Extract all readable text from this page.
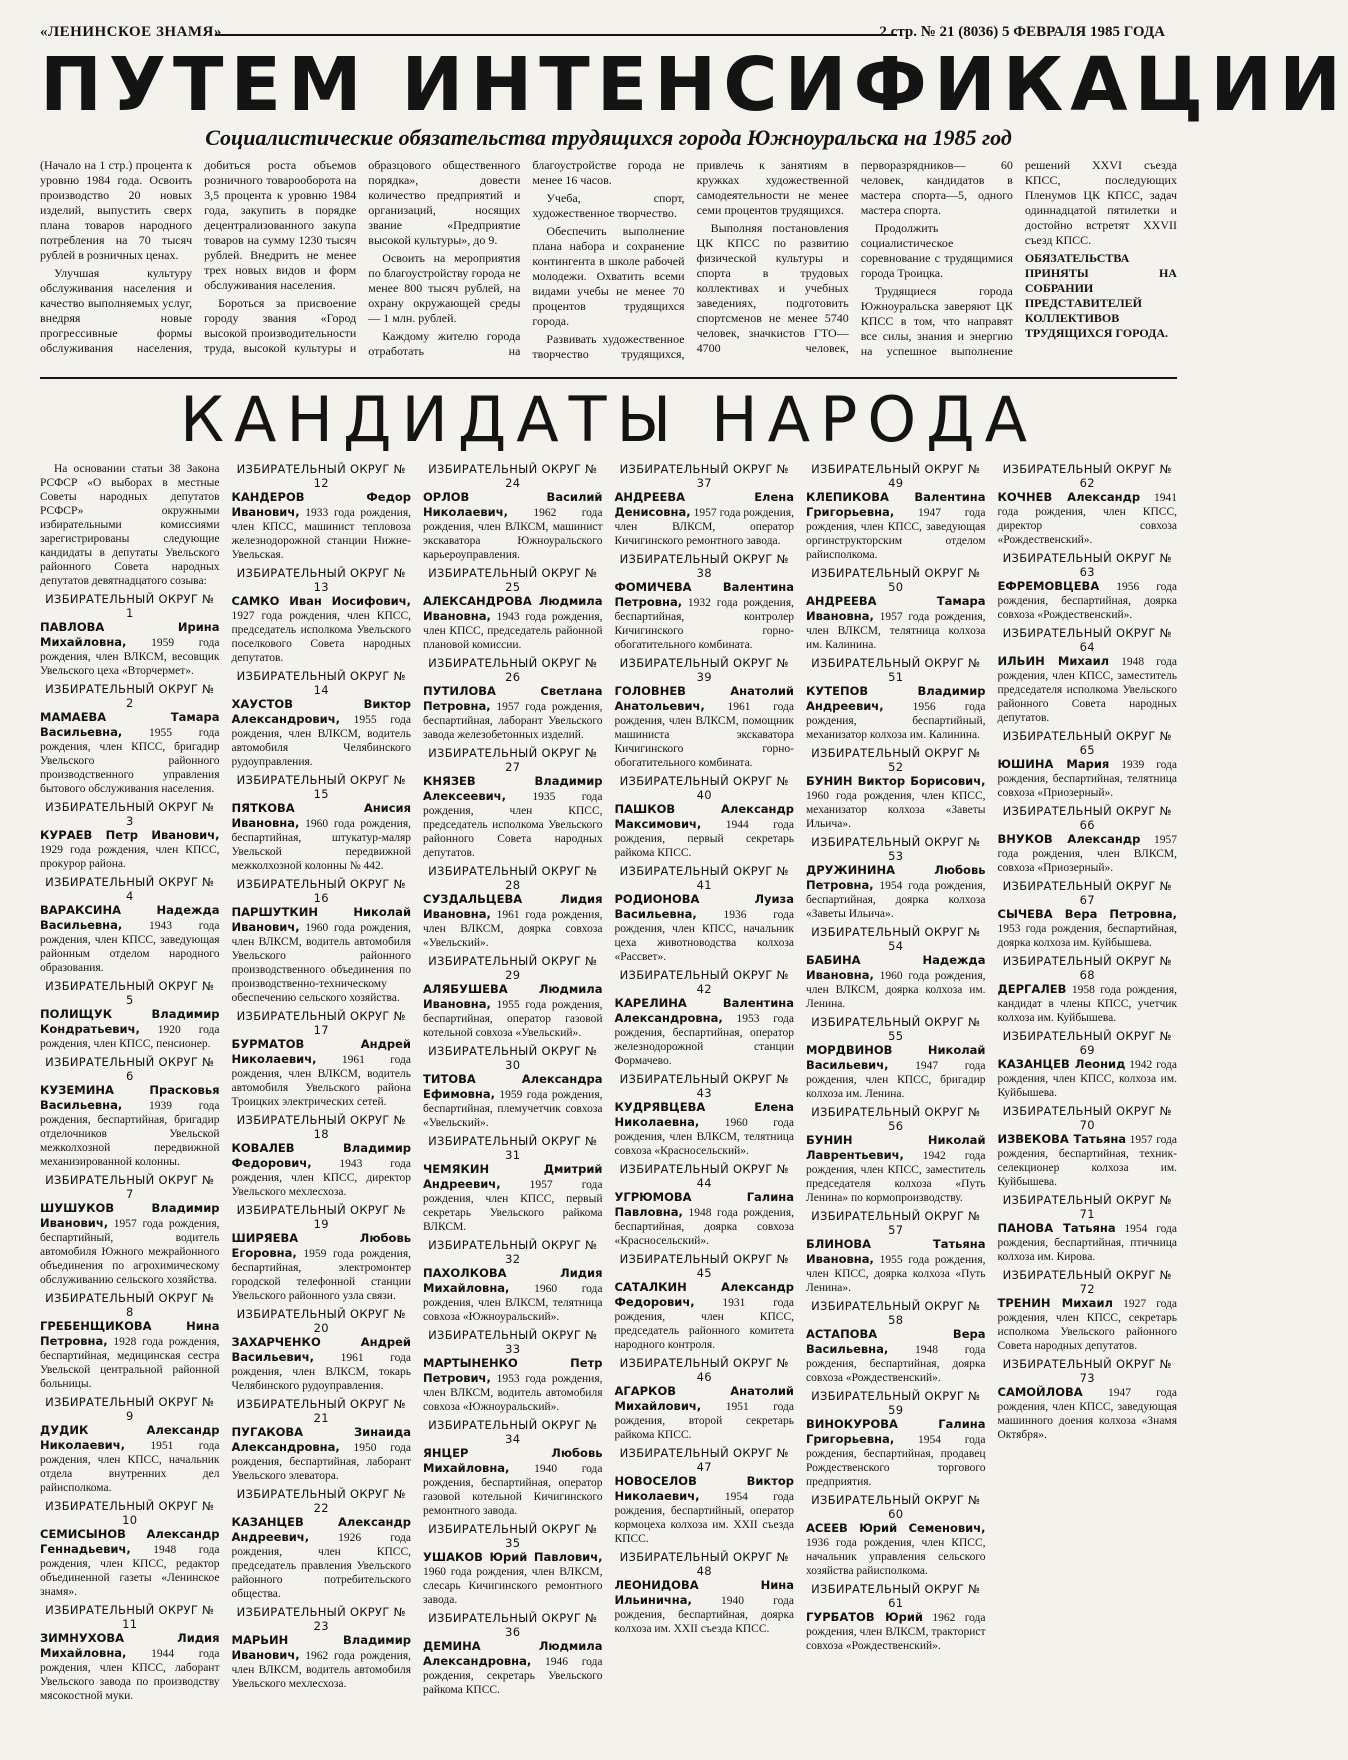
«ЛЕНИНСКОЕ ЗНАМЯ»	2 стр. № 21 (8036) 5 ФЕВРАЛЯ 1985 ГОДА
ПУТЕМ ИНТЕНСИФИКАЦИИ
Социалистические обязательства трудящихся города Южноуральска на 1985 год

(Начало на 1 стр.) процента к уровню 1984 года. Освоить производство 20 новых изделий, выпустить сверх плана товаров народного потребления на 70 тысяч рублей в розничных ценах.

Улучшая культуру обслуживания населения и качество выполняемых услуг, внедряя новые прогрессивные формы обслуживания населения, добиться роста объемов розничного товарооборота на 3,5 процента к уровню 1984 года, закупить в порядке децентрализованного закупа товаров на сумму 1230 тысяч рублей. Внедрить не менее трех новых видов и форм обслуживания населения.

Бороться за присвоение городу звания «Город высокой производительности труда, высокой культуры и образцового общественного порядка», довести количество предприятий и организаций, носящих звание «Предприятие высокой культуры», до 9.

Освоить на мероприятия по благоустройству города не менее 800 тысяч рублей, на охрану окружающей среды — 1 млн. рублей.

Каждому жителю города отработать на благоустройстве города не менее 16 часов.

Учеба, спорт, художественное творчество.

Обеспечить выполнение плана набора и сохранение контингента в школе рабочей молодежи. Охватить всеми видами учебы не менее 70 процентов трудящихся города.

Развивать художественное творчество трудящихся, привлечь к занятиям в кружках художественной самодеятельности не менее семи процентов трудящихся.

Выполняя постановления ЦК КПСС по развитию физической культуры и спорта в трудовых коллективах и учебных заведениях, подготовить спортсменов не менее 5740 человек, значкистов ГТО— 4700 человек, перворазрядников— 60 человек, кандидатов в мастера спорта—5, одного мастера спорта.

Продолжить социалистическое соревнование с трудящимися города Троицка.

Трудящиеся города Южноуральска заверяют ЦК КПСС в том, что направят все силы, знания и энергию на успешное выполнение решений XXVI съезда КПСС, последующих Пленумов ЦК КПСС, задач одиннадцатой пятилетки и достойно встретят XXVII съезд КПСС.

ОБЯЗАТЕЛЬСТВА ПРИНЯТЫ НА СОБРАНИИ ПРЕДСТАВИТЕЛЕЙ КОЛЛЕКТИВОВ ТРУДЯЩИХСЯ ГОРОДА.

КАНДИДАТЫ НАРОДА

На основании статьи 38 Закона РСФСР «О выборах в местные Советы народных депутатов РСФСР» окружными избирательными комиссиями зарегистрированы следующие кандидаты в депутаты Увельского районного Совета народных депутатов девятнадцатого созыва:

ИЗБИРАТЕЛЬНЫЙ ОКРУГ № 1
ПАВЛОВА Ирина Михайловна, 1959 года рождения, член ВЛКСМ, весовщик Увельского цеха «Вторчермет».
ИЗБИРАТЕЛЬНЫЙ ОКРУГ № 2
МАМАЕВА Тамара Васильевна, 1955 года рождения, член КПСС, бригадир Увельского районного производственного управления бытового обслуживания населения.
ИЗБИРАТЕЛЬНЫЙ ОКРУГ № 3
КУРАЕВ Петр Иванович, 1929 года рождения, член КПСС, прокурор района.
ИЗБИРАТЕЛЬНЫЙ ОКРУГ № 4
ВАРАКСИНА Надежда Васильевна, 1943 года рождения, член КПСС, заведующая районным отделом народного образования.
ИЗБИРАТЕЛЬНЫЙ ОКРУГ № 5
ПОЛИЩУК Владимир Кондратьевич, 1920 года рождения, член КПСС, пенсионер.
ИЗБИРАТЕЛЬНЫЙ ОКРУГ № 6
КУЗЕМИНА Прасковья Васильевна, 1939 года рождения, беспартийная, бригадир отделочников Увельской межколхозной передвижной механизированной колонны.
ИЗБИРАТЕЛЬНЫЙ ОКРУГ № 7
ШУШУКОВ Владимир Иванович, 1957 года рождения, беспартийный, водитель автомобиля Южного межрайонного объединения по агрохимическому обслуживанию сельского хозяйства.
ИЗБИРАТЕЛЬНЫЙ ОКРУГ № 8
ГРЕБЕНЩИКОВА Нина Петровна, 1928 года рождения, беспартийная, медицинская сестра Увельской центральной районной больницы.
ИЗБИРАТЕЛЬНЫЙ ОКРУГ № 9
ДУДИК Александр Николаевич, 1951 года рождения, член КПСС, начальник отдела внутренних дел райисполкома.
ИЗБИРАТЕЛЬНЫЙ ОКРУГ № 10
СЕМИСЫНОВ Александр Геннадьевич, 1948 года рождения, член КПСС, редактор объединенной газеты «Ленинское знамя».
ИЗБИРАТЕЛЬНЫЙ ОКРУГ № 11
ЗИМНУХОВА Лидия Михайловна, 1944 года рождения, член КПСС, лаборант Увельского завода по производству мясокостной муки.
ИЗБИРАТЕЛЬНЫЙ ОКРУГ № 12
КАНДЕРОВ Федор Иванович, 1933 года рождения, член КПСС, машинист тепловоза железнодорожной станции Нижне-Увельская.
ИЗБИРАТЕЛЬНЫЙ ОКРУГ № 13
САМКО Иван Иосифович, 1927 года рождения, член КПСС, председатель исполкома Увельского поселкового Совета народных депутатов.
ИЗБИРАТЕЛЬНЫЙ ОКРУГ № 14
ХАУСТОВ Виктор Александрович, 1955 года рождения, член ВЛКСМ, водитель автомобиля Челябинского рудоуправления.
ИЗБИРАТЕЛЬНЫЙ ОКРУГ № 15
ПЯТКОВА Анисия Ивановна, 1960 года рождения, беспартийная, штукатур-маляр Увельской передвижной межколхозной колонны № 442.
ИЗБИРАТЕЛЬНЫЙ ОКРУГ № 16
ПАРШУТКИН Николай Иванович, 1960 года рождения, член ВЛКСМ, водитель автомобиля Увельского районного производственного объединения по производственно-техническому обеспечению сельского хозяйства.
ИЗБИРАТЕЛЬНЫЙ ОКРУГ № 17
БУРМАТОВ Андрей Николаевич, 1961 года рождения, член ВЛКСМ, водитель автомобиля Увельского района Троицких электрических сетей.
ИЗБИРАТЕЛЬНЫЙ ОКРУГ № 18
КОВАЛЕВ Владимир Федорович, 1943 года рождения, член КПСС, директор Увельского мехлесхоза.
ИЗБИРАТЕЛЬНЫЙ ОКРУГ № 19
ШИРЯЕВА Любовь Егоровна, 1959 года рождения, беспартийная, электромонтер городской телефонной станции Увельского районного узла связи.
ИЗБИРАТЕЛЬНЫЙ ОКРУГ № 20
ЗАХАРЧЕНКО Андрей Васильевич, 1961 года рождения, член ВЛКСМ, токарь Челябинского рудоуправления.
ИЗБИРАТЕЛЬНЫЙ ОКРУГ № 21
ПУГАКОВА Зинаида Александровна, 1950 года рождения, беспартийная, лаборант Увельского элеватора.
ИЗБИРАТЕЛЬНЫЙ ОКРУГ № 22
КАЗАНЦЕВ Александр Андреевич,	1926 года рождения, член КПСС, председатель правления Увельского районного потребительского общества.
ИЗБИРАТЕЛЬНЫЙ ОКРУГ № 23
МАРЬИН Владимир Иванович, 1962 года рождения, член ВЛКСМ, водитель автомобиля Увельского мехлесхоза.
ИЗБИРАТЕЛЬНЫЙ ОКРУГ № 24
ОРЛОВ Василий Николаевич, 1962 года рождения, член ВЛКСМ, машинист экскаватора Южноуральского карьероуправления.
ИЗБИРАТЕЛЬНЫЙ ОКРУГ № 25
АЛЕКСАНДРОВА Людмила Ивановна, 1943 года рождения, член КПСС, председатель районной плановой комиссии.
ИЗБИРАТЕЛЬНЫЙ ОКРУГ № 26
ПУТИЛОВА Светлана Петровна, 1957 года рождения, беспартийная, лаборант Увельского завода железобетонных изделий.
ИЗБИРАТЕЛЬНЫЙ ОКРУГ № 27
КНЯЗЕВ Владимир Алексеевич, 1935 года рождения, член КПСС, председатель исполкома Увельского районного Совета народных депутатов.
ИЗБИРАТЕЛЬНЫЙ ОКРУГ № 28
СУЗДАЛЬЦЕВА Лидия Ивановна, 1961 года рождения, член ВЛКСМ, доярка совхоза «Увельский».
ИЗБИРАТЕЛЬНЫЙ ОКРУГ № 29
АЛЯБУШЕВА Людмила Ивановна, 1955 года рождения, беспартийная, оператор газовой котельной совхоза «Увельский».
ИЗБИРАТЕЛЬНЫЙ ОКРУГ № 30
ТИТОВА Александра Ефимовна, 1959 года рождения, беспартийная, племучетчик совхоза «Увельский».
ИЗБИРАТЕЛЬНЫЙ ОКРУГ № 31
ЧЕМЯКИН Дмитрий Андреевич,	1957 года рождения, член КПСС, первый секретарь Увельского райкома ВЛКСМ.
ИЗБИРАТЕЛЬНЫЙ ОКРУГ № 32
ПАХОЛКОВА Лидия Михайловна, 1960 года рождения, член ВЛКСМ, телятница совхоза «Южноуральский».
ИЗБИРАТЕЛЬНЫЙ ОКРУГ № 33
МАРТЫНЕНКО Петр Петрович, 1953 года рождения, член ВЛКСМ, водитель автомобиля совхоза «Южноуральский».
ИЗБИРАТЕЛЬНЫЙ ОКРУГ № 34
ЯНЦЕР Любовь Михайловна, 1940 года рождения, беспартийная, оператор газовой котельной Кичигинского ремонтного завода.
ИЗБИРАТЕЛЬНЫЙ ОКРУГ № 35
УШАКОВ Юрий Павлович, 1960 года рождения, член ВЛКСМ, слесарь Кичигинского ремонтного завода.
ИЗБИРАТЕЛЬНЫЙ ОКРУГ № 36
ДЕМИНА Людмила Александровна, 1946 года рождения, секретарь Увельского райкома КПСС.
ИЗБИРАТЕЛЬНЫЙ ОКРУГ № 37
АНДРЕЕВА Елена Денисовна, 1957 года рождения, член ВЛКСМ, оператор Кичигинского ремонтного завода.
ИЗБИРАТЕЛЬНЫЙ ОКРУГ № 38
ФОМИЧЕВА Валентина Петровна, 1932 года рождения, беспартийная, контролер Кичигинского горно-обогатительного комбината.
ИЗБИРАТЕЛЬНЫЙ ОКРУГ № 39
ГОЛОВНЕВ Анатолий Анатольевич, 1961 года рождения, член ВЛКСМ, помощник машиниста экскаватора Кичигинского горно-обогатительного комбината.
ИЗБИРАТЕЛЬНЫЙ ОКРУГ № 40
ПАШКОВ Александр Максимович, 1944 года рождения, первый секретарь райкома КПСС.
ИЗБИРАТЕЛЬНЫЙ ОКРУГ № 41
РОДИОНОВА Луиза Васильевна, 1936 года рождения, член КПСС, начальник цеха животноводства колхоза «Рассвет».
ИЗБИРАТЕЛЬНЫЙ ОКРУГ № 42
КАРЕЛИНА Валентина Александровна, 1953 года рождения, беспартийная, оператор железнодорожной станции Формачево.
ИЗБИРАТЕЛЬНЫЙ ОКРУГ № 43
КУДРЯВЦЕВА Елена Николаевна, 1960 года рождения, член ВЛКСМ, телятница совхоза «Красносельский».
ИЗБИРАТЕЛЬНЫЙ ОКРУГ № 44
УГРЮМОВА Галина Павловна, 1948 года рождения, беспартийная, доярка совхоза «Красносельский».
ИЗБИРАТЕЛЬНЫЙ ОКРУГ № 45
САТАЛКИН Александр Федорович, 1931 года рождения, член КПСС, председатель районного комитета народного контроля.
ИЗБИРАТЕЛЬНЫЙ ОКРУГ № 46
АГАРКОВ Анатолий Михайлович, 1951 года рождения, второй секретарь райкома КПСС.
ИЗБИРАТЕЛЬНЫЙ ОКРУГ № 47
НОВОСЕЛОВ Виктор Николаевич, 1954 года рождения, беспартийный, оператор кормоцеха колхоза им. XXII съезда КПСС.
ИЗБИРАТЕЛЬНЫЙ ОКРУГ № 48
ЛЕОНИДОВА Нина Ильинична,	1940 года рождения, беспартийная, доярка колхоза им. XXII съезда КПСС.
ИЗБИРАТЕЛЬНЫЙ ОКРУГ № 49
КЛЕПИКОВА Валентина Григорьевна, 1947 года рождения, член КПСС, заведующая оргинструкторским отделом райисполкома.
ИЗБИРАТЕЛЬНЫЙ ОКРУГ № 50
АНДРЕЕВА Тамара Ивановна, 1957 года рождения, член ВЛКСМ, телятница колхоза им. Калинина.
ИЗБИРАТЕЛЬНЫЙ ОКРУГ № 51
КУТЕПОВ Владимир Андреевич,	1956 года рождения, беспартийный, механизатор колхоза им. Калинина.
ИЗБИРАТЕЛЬНЫЙ ОКРУГ № 52
БУНИН Виктор Борисович, 1960 года рождения, член КПСС, механизатор колхоза «Заветы Ильича».
ИЗБИРАТЕЛЬНЫЙ ОКРУГ № 53
ДРУЖИНИНА Любовь Петровна, 1954 года рождения, беспартийная, доярка колхоза «Заветы Ильича».
ИЗБИРАТЕЛЬНЫЙ ОКРУГ № 54
БАБИНА Надежда Ивановна, 1960 года рождения, член ВЛКСМ, доярка колхоза им. Ленина.
ИЗБИРАТЕЛЬНЫЙ ОКРУГ № 55
МОРДВИНОВ Николай Васильевич, 1947 года рождения, член КПСС, бригадир колхоза им. Ленина.
ИЗБИРАТЕЛЬНЫЙ ОКРУГ № 56
БУНИН Николай Лаврентьевич, 1942 года рождения, член КПСС, заместитель председателя колхоза «Путь Ленина» по кормопроизводству.
ИЗБИРАТЕЛЬНЫЙ ОКРУГ № 57
БЛИНОВА Татьяна Ивановна, 1955 года рождения, член КПСС, доярка колхоза «Путь Ленина».
ИЗБИРАТЕЛЬНЫЙ ОКРУГ № 58
АСТАПОВА Вера Васильевна, 1948 года рождения, беспартийная, доярка совхоза «Рождественский».
ИЗБИРАТЕЛЬНЫЙ ОКРУГ № 59
ВИНОКУРОВА Галина Григорьевна, 1954 года рождения, беспартийная, продавец Рождественского торгового предприятия.
ИЗБИРАТЕЛЬНЫЙ ОКРУГ № 60
АСЕЕВ Юрий Семенович, 1936 года рождения, член КПСС, начальник управления сельского хозяйства райисполкома.
ИЗБИРАТЕЛЬНЫЙ ОКРУГ № 61
ГУРБАТОВ Юрий 1962 года рождения, член ВЛКСМ, тракторист совхоза «Рождественский».
ИЗБИРАТЕЛЬНЫЙ ОКРУГ № 62
КОЧНЕВ Александр 1941 года рождения, член КПСС, директор совхоза «Рождественский».
ИЗБИРАТЕЛЬНЫЙ ОКРУГ № 63
ЕФРЕМОВЦЕВА 1956 года рождения, беспартийная, доярка совхоза «Рождественский».
ИЗБИРАТЕЛЬНЫЙ ОКРУГ № 64
ИЛЬИН Михаил 1948 года рождения, член КПСС, заместитель председателя исполкома Увельского районного Совета народных депутатов.
ИЗБИРАТЕЛЬНЫЙ ОКРУГ № 65
ЮШИНА Мария 1939 года рождения, беспартийная, телятница совхоза «Приозерный».
ИЗБИРАТЕЛЬНЫЙ ОКРУГ № 66
ВНУКОВ Александр 1957 года рождения, член ВЛКСМ, совхоза «Приозерный».
ИЗБИРАТЕЛЬНЫЙ ОКРУГ № 67
СЫЧЕВА Вера Петровна, 1953 года рождения, беспартийная, доярка колхоза им. Куйбышева.
ИЗБИРАТЕЛЬНЫЙ ОКРУГ № 68
ДЕРГАЛЕВ 1958 года рождения, кандидат в члены КПСС, учетчик колхоза им. Куйбышева.
ИЗБИРАТЕЛЬНЫЙ ОКРУГ № 69
КАЗАНЦЕВ Леонид 1942 года рождения, член КПСС, колхоза им. Куйбышева.
ИЗБИРАТЕЛЬНЫЙ ОКРУГ № 70
ИЗВЕКОВА Татьяна 1957 года рождения, беспартийная, техник-селекционер колхоза им. Куйбышева.
ИЗБИРАТЕЛЬНЫЙ ОКРУГ № 71
ПАНОВА Татьяна 1954 года рождения, беспартийная, птичница колхоза им. Кирова.
ИЗБИРАТЕЛЬНЫЙ ОКРУГ № 72
ТРЕНИН Михаил 1927 года рождения, член КПСС, секретарь исполкома Увельского районного Совета народных депутатов.
ИЗБИРАТЕЛЬНЫЙ ОКРУГ № 73
САМОЙЛОВА 1947 года рождения, член КПСС, заведующая машинного доения колхоза «Знамя Октября».
